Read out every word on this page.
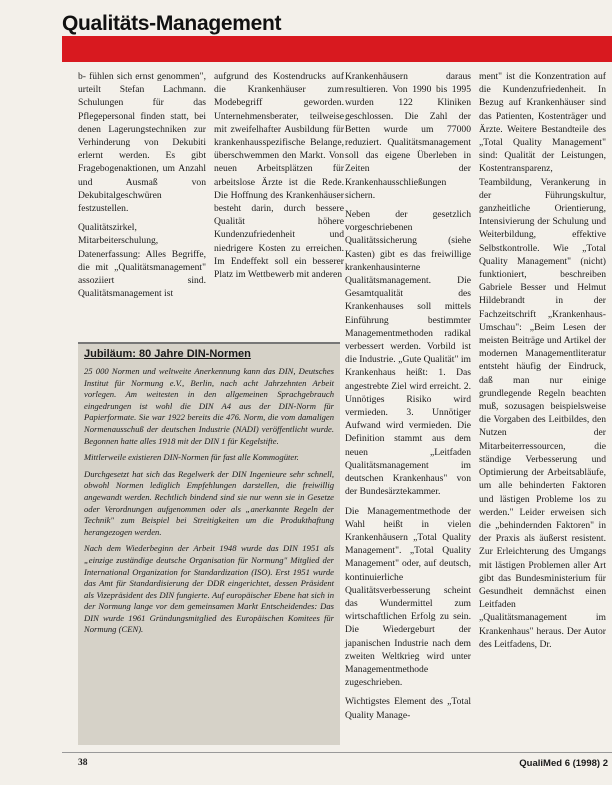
Qualitäts-Management

b- fühlen sich ernst genommen", urteilt Stefan Lachmann. Schulungen für das Pflegepersonal finden statt, bei denen Lagerungstechniken zur Verhinderung von Dekubiti erlernt werden. Es gibt Fragebogenaktionen, um Anzahl und Ausmaß von Dekubitalgeschwüren festzustellen.

Qualitätszirkel, Mitarbeiterschulung, Datenerfassung: Alles Begriffe, die mit „Qualitätsmanagement" assoziiert sind. Qualitätsmanagement ist

aufgrund des Kostendrucks auf die Krankenhäuser zum Modebegriff geworden. Unternehmensberater, teilweise mit zweifelhafter Ausbildung für krankenhausspezifische Belange, überschwemmen den Markt. Von neuen Arbeitsplätzen für arbeitslose Ärzte ist die Rede. Die Hoffnung des Krankenhäuser besteht darin, durch bessere Qualität höhere Kundenzufriedenheit und niedrigere Kosten zu erreichen. Im Endeffekt soll ein besserer Platz im Wettbewerb mit anderen

Krankenhäusern daraus resultieren. Von 1990 bis 1995 wurden 122 Kliniken geschlossen. Die Zahl der Betten wurde um 77000 reduziert. Qualitätsmanagement soll das eigene Überleben in Zeiten der Krankenhausschließungen sichern.

Neben der gesetzlich vorgeschriebenen Qualitätssicherung (siehe Kasten) gibt es das freiwillige krankenhausinterne Qualitätsmanagement. Die Gesamtqualität des Krankenhauses soll mittels Einführung bestimmter Managementmethoden radikal verbessert werden. Vorbild ist die Industrie. „Gute Qualität" im Krankenhaus heißt: 1. Das angestrebte Ziel wird erreicht. 2. Unnötiges Risiko wird vermieden. 3. Unnötiger Aufwand wird vermieden. Die Definition stammt aus dem neuen „Leitfaden Qualitätsmanagement im deutschen Krankenhaus" von der Bundesärztekammer.

Die Managementmethode der Wahl heißt in vielen Krankenhäusern „Total Quality Management". „Total Quality Management" oder, auf deutsch, kontinuierliche Qualitätsverbesserung scheint das Wundermittel zum wirtschaftlichen Erfolg zu sein. Die Wiedergeburt der japanischen Industrie nach dem zweiten Weltkrieg wird unter Managementmethode zugeschrieben.

Wichtigstes Element des „Total Quality Manage-

ment" ist die Konzentration auf die Kundenzufriedenheit. In Bezug auf Krankenhäuser sind das Patienten, Kostenträger und Ärzte. Weitere Bestandteile des „Total Quality Management" sind: Qualität der Leistungen, Kostentransparenz, Teambildung, Verankerung in der Führungskultur, ganzheitliche Orientierung, Intensivierung der Schulung und Weiterbildung, effektive Selbstkontrolle. Wie „Total Quality Management" (nicht) funktioniert, beschreiben Gabriele Besser und Helmut Hildebrandt in der Fachzeitschrift „Krankenhaus-Umschau": „Beim Lesen der meisten Beiträge und Artikel der modernen Managementliteratur entsteht häufig der Eindruck, daß man nur einige grundlegende Regeln beachten muß, sozusagen beispielsweise die Vorgaben des Leitbildes, den Nutzen der Mitarbeiterressourcen, die ständige Verbesserung und Optimierung der Arbeitsabläufe, um alle behinderten Faktoren und lästigen Probleme los zu werden." Leider erweisen sich die „behindernden Faktoren" in der Praxis als äußerst resistent. Zur Erleichterung des Umgangs mit lästigen Problemen aller Art gibt das Bundesministerium für Gesundheit demnächst einen Leitfaden „Qualitätsmanagement im Krankenhaus" heraus. Der Autor des Leitfadens, Dr.

Jubiläum: 80 Jahre DIN-Normen

25 000 Normen und weltweite Anerkennung kann das DIN, Deutsches Institut für Normung e.V., Berlin, nach acht Jahrzehnten Arbeit vorlegen. Am weitesten in den allgemeinen Sprachgebrauch eingedrungen ist wohl die DIN A4 aus der DIN-Norm für Papierformate. Sie war 1922 bereits die 476. Norm, die vom damaligen Normenausschuß der deutschen Industrie (NADI) veröffentlicht wurde. Begonnen hatte alles 1918 mit der DIN 1 für Kegelstifte.

Mittlerweile existieren DIN-Normen für fast alle Kommogüter.

Durchgesetzt hat sich das Regelwerk der DIN Ingenieure sehr schnell, obwohl Normen lediglich Empfehlungen darstellen, die freiwillig angewandt werden. Rechtlich bindend sind sie nur wenn sie in Gesetze oder Verordnungen aufgenommen oder als „anerkannte Regeln der Technik" zum Beispiel bei Streitigkeiten um die Produkthaftung herangezogen werden.

Nach dem Wiederbeginn der Arbeit 1948 wurde das DIN 1951 als „einzige zuständige deutsche Organisation für Normung" Mitglied der International Organization for Standardization (ISO). Erst 1951 wurde das Amt für Standardisierung der DDR eingerichtet, dessen Präsident als Vizepräsident des DIN fungierte. Auf europäischer Ebene hat sich in der Normung lange vor dem gemeinsamen Markt Entscheidendes: Das DIN wurde 1961 Gründungsmitglied des Europäischen Komitees für Normung (CEN).

38	QualiMed 6 (1998) 2
